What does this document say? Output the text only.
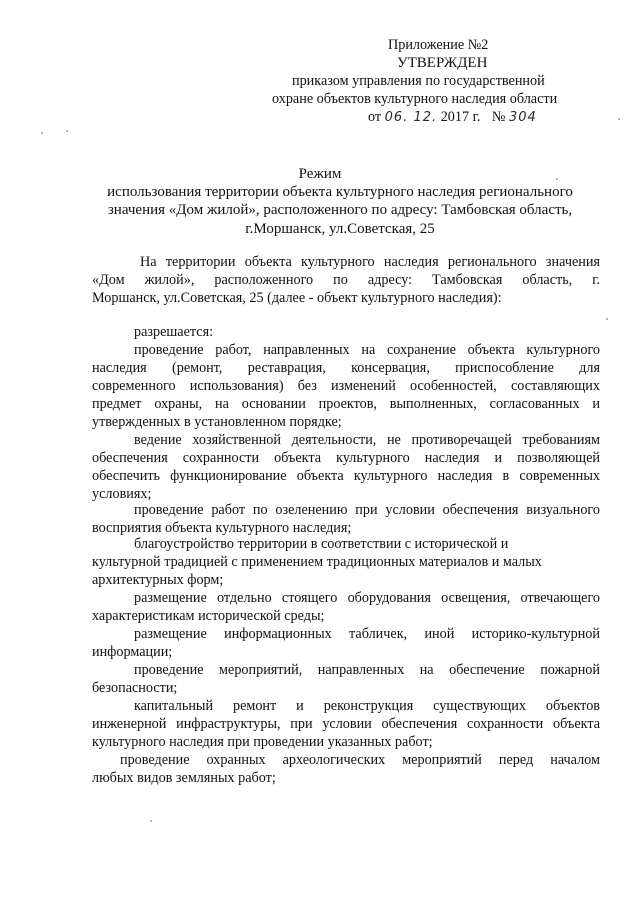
Приложение №2
УТВЕРЖДЕН
приказом управления по государственной
охране объектов культурного наследия области
от 06. 12. 2017 г. № 304
Режим
использования территории объекта культурного наследия регионального
значения «Дом жилой», расположенного по адресу: Тамбовская область,
г.Моршанск, ул.Советская, 25
На территории объекта культурного наследия регионального значения
«Дом жилой», расположенного по адресу: Тамбовская область, г.
Моршанск, ул.Советская, 25 (далее - объект культурного наследия):
разрешается:
проведение работ, направленных на сохранение объекта культурного
наследия (ремонт, реставрация, консервация, приспособление для
современного использования) без изменений особенностей, составляющих
предмет охраны, на основании проектов, выполненных, согласованных и
утвержденных в установленном порядке;
ведение хозяйственной деятельности, не противоречащей требованиям
обеспечения сохранности объекта культурного наследия и позволяющей
обеспечить функционирование объекта культурного наследия в современных
условиях;
проведение работ по озеленению при условии обеспечения визуального
восприятия объекта культурного наследия;
благоустройство территории в соответствии с исторической и
культурной традицией с применением традиционных материалов и малых
архитектурных форм;
размещение отдельно стоящего оборудования освещения, отвечающего
характеристикам исторической среды;
размещение информационных табличек, иной историко-культурной
информации;
проведение мероприятий, направленных на обеспечение пожарной
безопасности;
капитальный ремонт и реконструкция существующих объектов
инженерной инфраструктуры, при условии обеспечения сохранности объекта
культурного наследия при проведении указанных работ;
проведение охранных археологических мероприятий перед началом
любых видов земляных работ;
